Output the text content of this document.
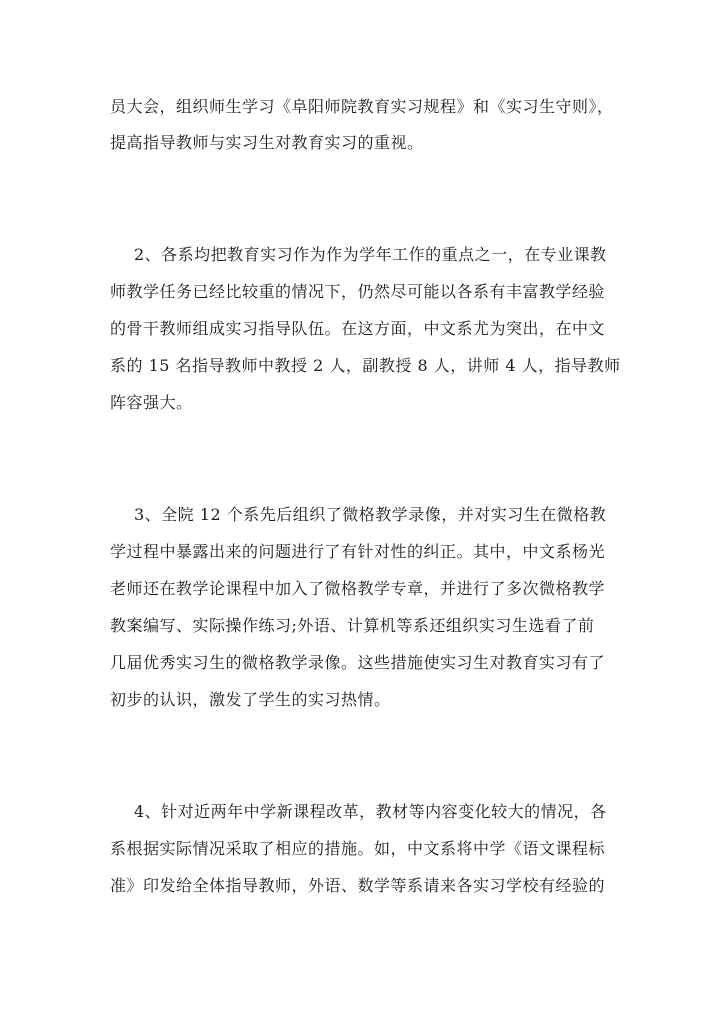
员大会，组织师生学习《阜阳师院教育实习规程》和《实习生守则》，
提高指导教师与实习生对教育实习的重视。
2、各系均把教育实习作为作为学年工作的重点之一，在专业课教
师教学任务已经比较重的情况下，仍然尽可能以各系有丰富教学经验
的骨干教师组成实习指导队伍。在这方面，中文系尤为突出，在中文
系的 15 名指导教师中教授 2 人，副教授 8 人，讲师 4 人，指导教师
阵容强大。
3、全院 12 个系先后组织了微格教学录像，并对实习生在微格教
学过程中暴露出来的问题进行了有针对性的纠正。其中，中文系杨光
老师还在教学论课程中加入了微格教学专章，并进行了多次微格教学
教案编写、实际操作练习;外语、计算机等系还组织实习生选看了前
几届优秀实习生的微格教学录像。这些措施使实习生对教育实习有了
初步的认识，激发了学生的实习热情。
4、针对近两年中学新课程改革，教材等内容变化较大的情况，各
系根据实际情况采取了相应的措施。如，中文系将中学《语文课程标
准》印发给全体指导教师，外语、数学等系请来各实习学校有经验的
